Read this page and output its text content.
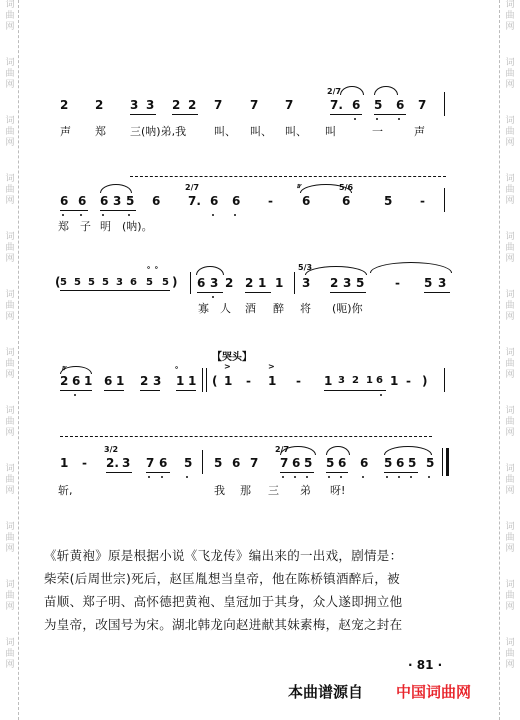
词曲网
词曲网
词曲网
词曲网
词曲网
词曲网
词曲网
词曲网
词曲网
词曲网
词曲网
词曲网
词曲网
词曲网
词曲网
词曲网
词曲网
词曲网
词曲网
词曲网
词曲网
词曲网
词曲网
词曲网
2 2 3 3 2 2 7 7 7	7. 6 5 6 7
2/7
声 郑 三(呐)弟,我	叫、 叫、 叫、 叫	一	声
6 6 6 3 5 6 7. 6 6 - 6	6	5 -
2/7	5/6
𝆖
郑 子 明 (呐)。
( 5 5 5 5 3 6 5 5 )
∘ ∘
6 3 2 2 1 1 3 2 3 5	- 5 3
5/3
寡 人 酒 醉 将 (呃)你
【哭头】
𝆖
2 6 1 6 1 2 3 1 1
∘
(
>
1 -
>
1 - 1 3 2 1 6 1 - )
1 -
3/2
2. 3 7 6 5 5 6 7
2/7
7 6 5 5 6 6 5 6 5 5
斩,	我 那 三 弟 呀!
《斩黄袍》原是根据小说《飞龙传》编出来的一出戏，剧情是：
柴荣(后周世宗)死后，赵匡胤想当皇帝，他在陈桥镇酒醉后，被
苗顺、郑子明、高怀德把黄袍、皇冠加于其身，众人遂即拥立他
为皇帝，改国号为宋。湖北韩龙向赵进献其妹素梅，赵宠之封在
· 81 ·
本曲谱源自 中国词曲网
